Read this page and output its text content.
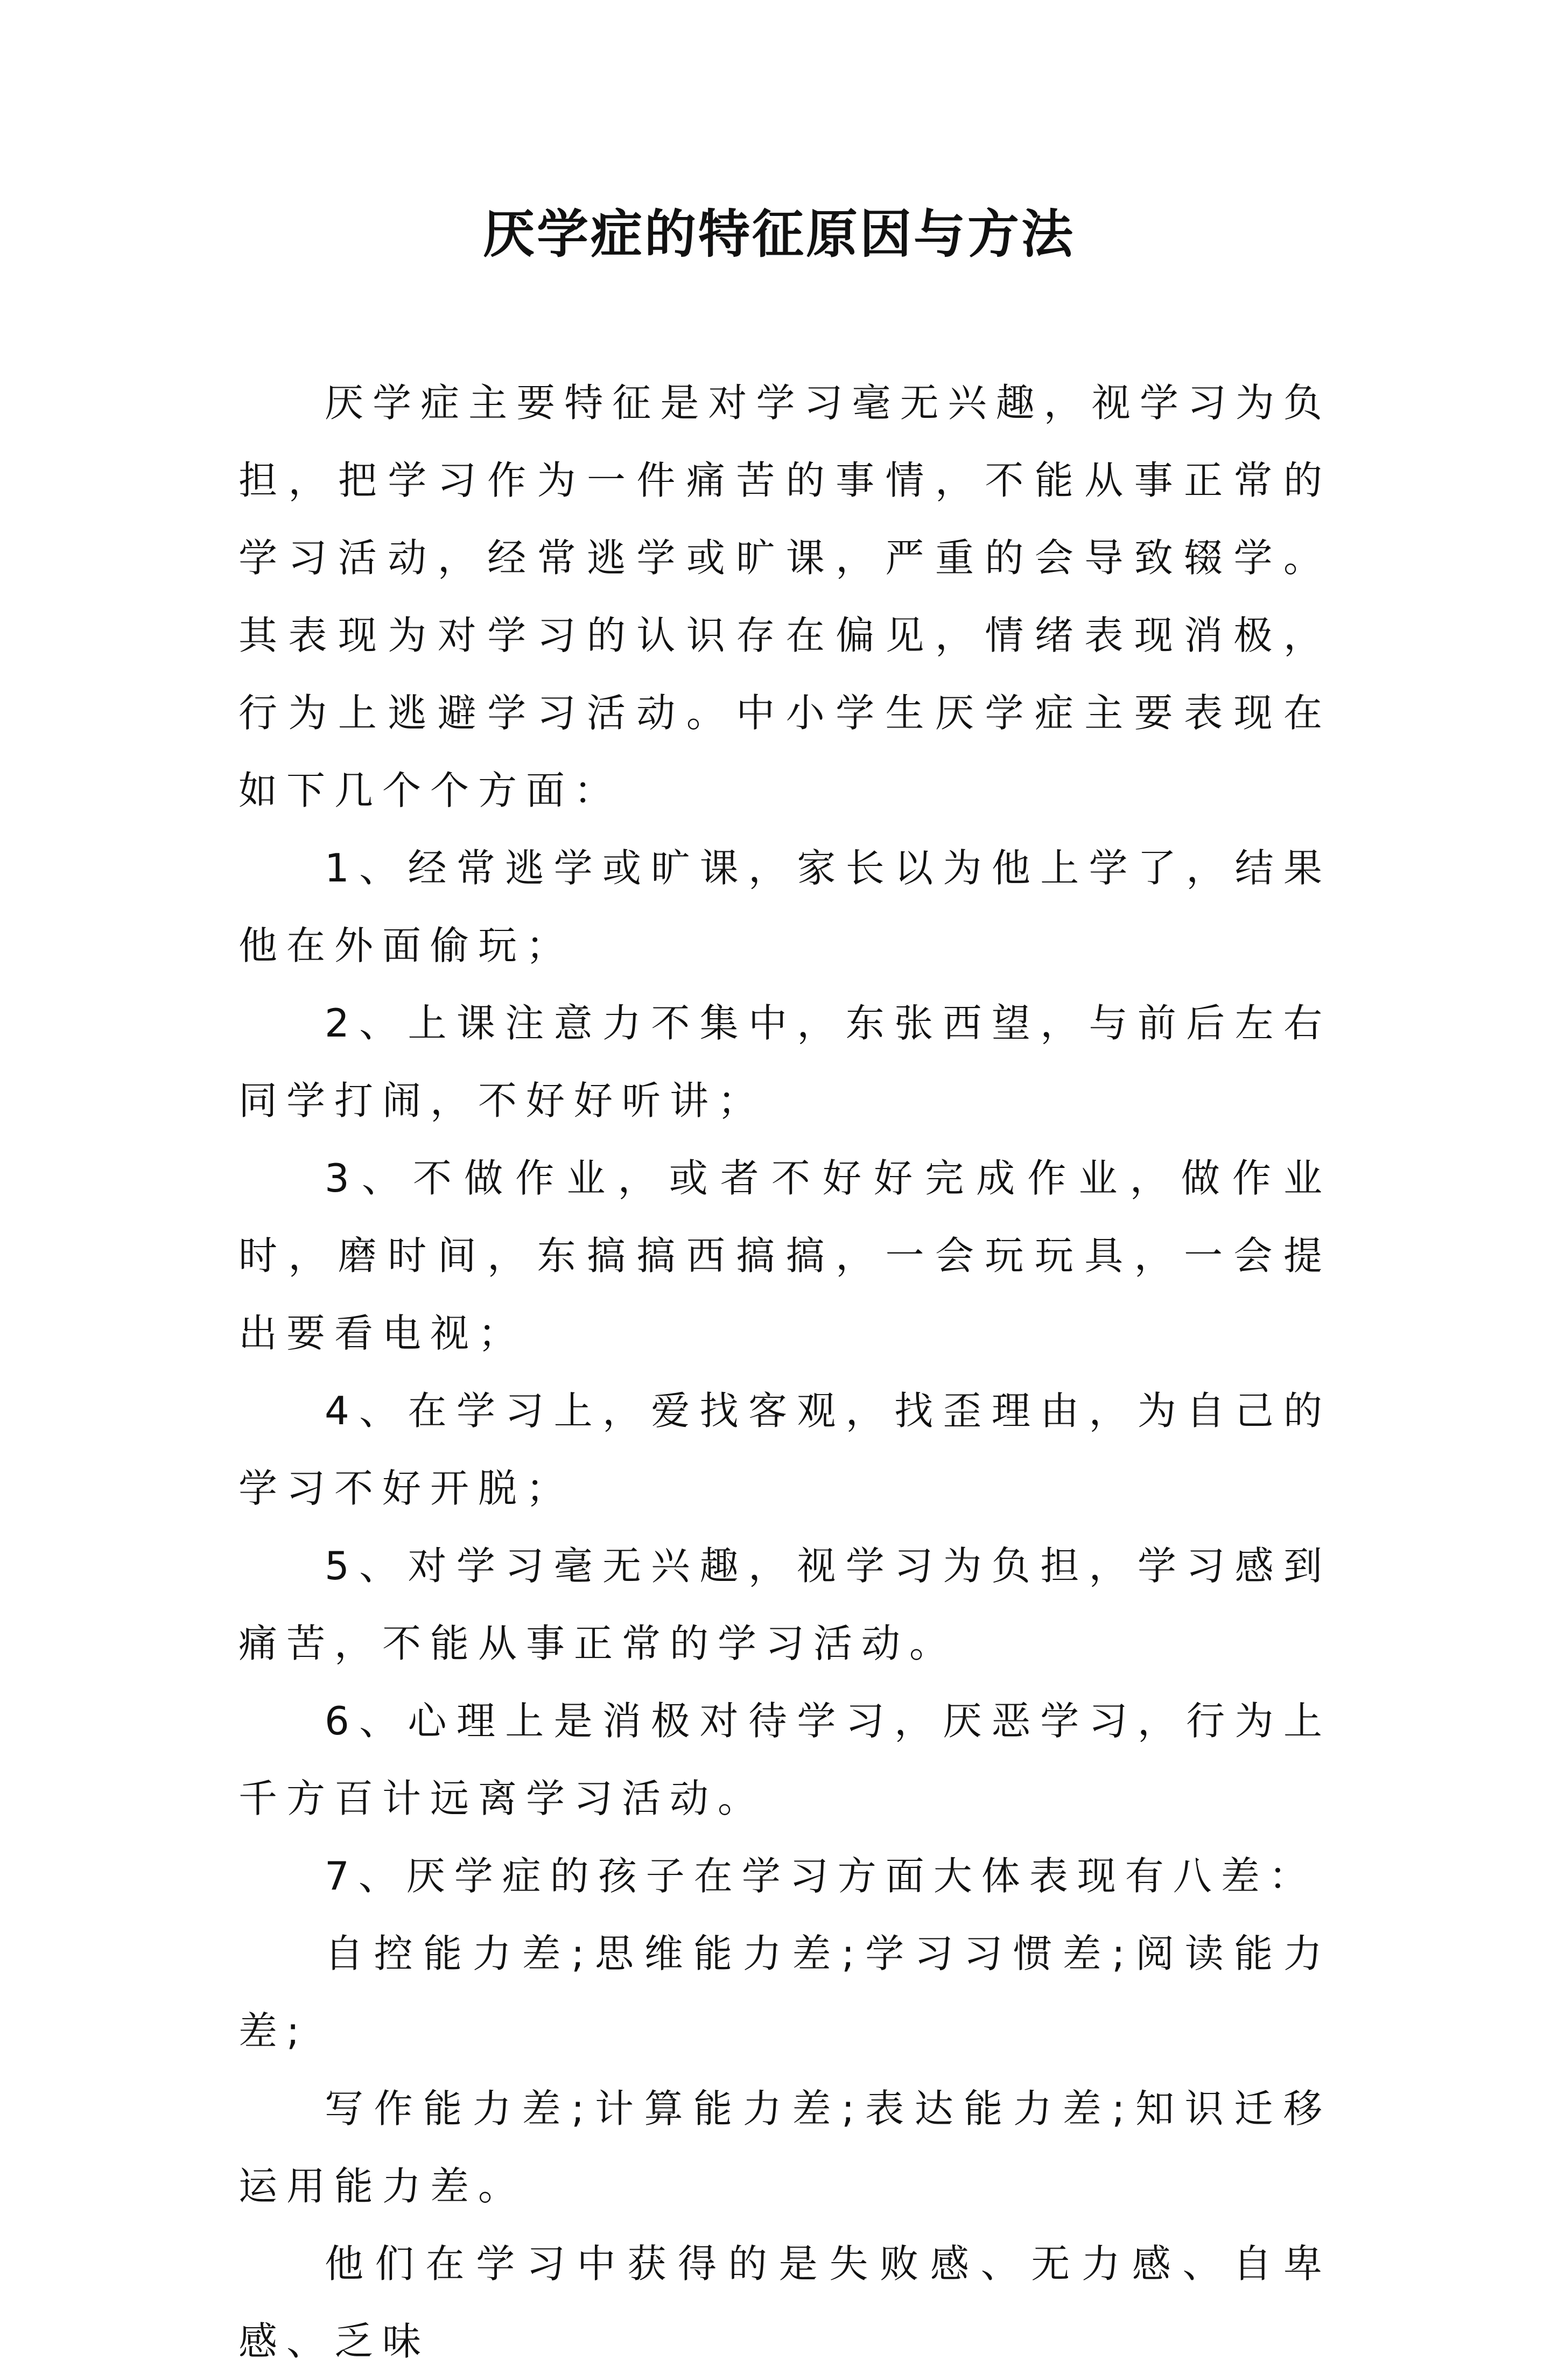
厌学症的特征原因与方法

厌学症主要特征是对学习毫无兴趣，视学习为负担，把学习作为一件痛苦的事情，不能从事正常的学习活动，经常逃学或旷课，严重的会导致辍学。其表现为对学习的认识存在偏见，情绪表现消极，行为上逃避学习活动。中小学生厌学症主要表现在如下几个个方面：

1、经常逃学或旷课，家长以为他上学了，结果他在外面偷玩；

2、上课注意力不集中，东张西望，与前后左右同学打闹，不好好听讲；

3、不做作业，或者不好好完成作业，做作业时，磨时间，东搞搞西搞搞，一会玩玩具，一会提出要看电视；

4、在学习上，爱找客观，找歪理由，为自己的学习不好开脱；

5、对学习毫无兴趣，视学习为负担，学习感到痛苦，不能从事正常的学习活动。

6、心理上是消极对待学习，厌恶学习，行为上千方百计远离学习活动。

7、厌学症的孩子在学习方面大体表现有八差：

自控能力差;思维能力差;学习习惯差;阅读能力差;

写作能力差;计算能力差;表达能力差;知识迁移运用能力差。

他们在学习中获得的是失败感、无力感、自卑感、乏味
